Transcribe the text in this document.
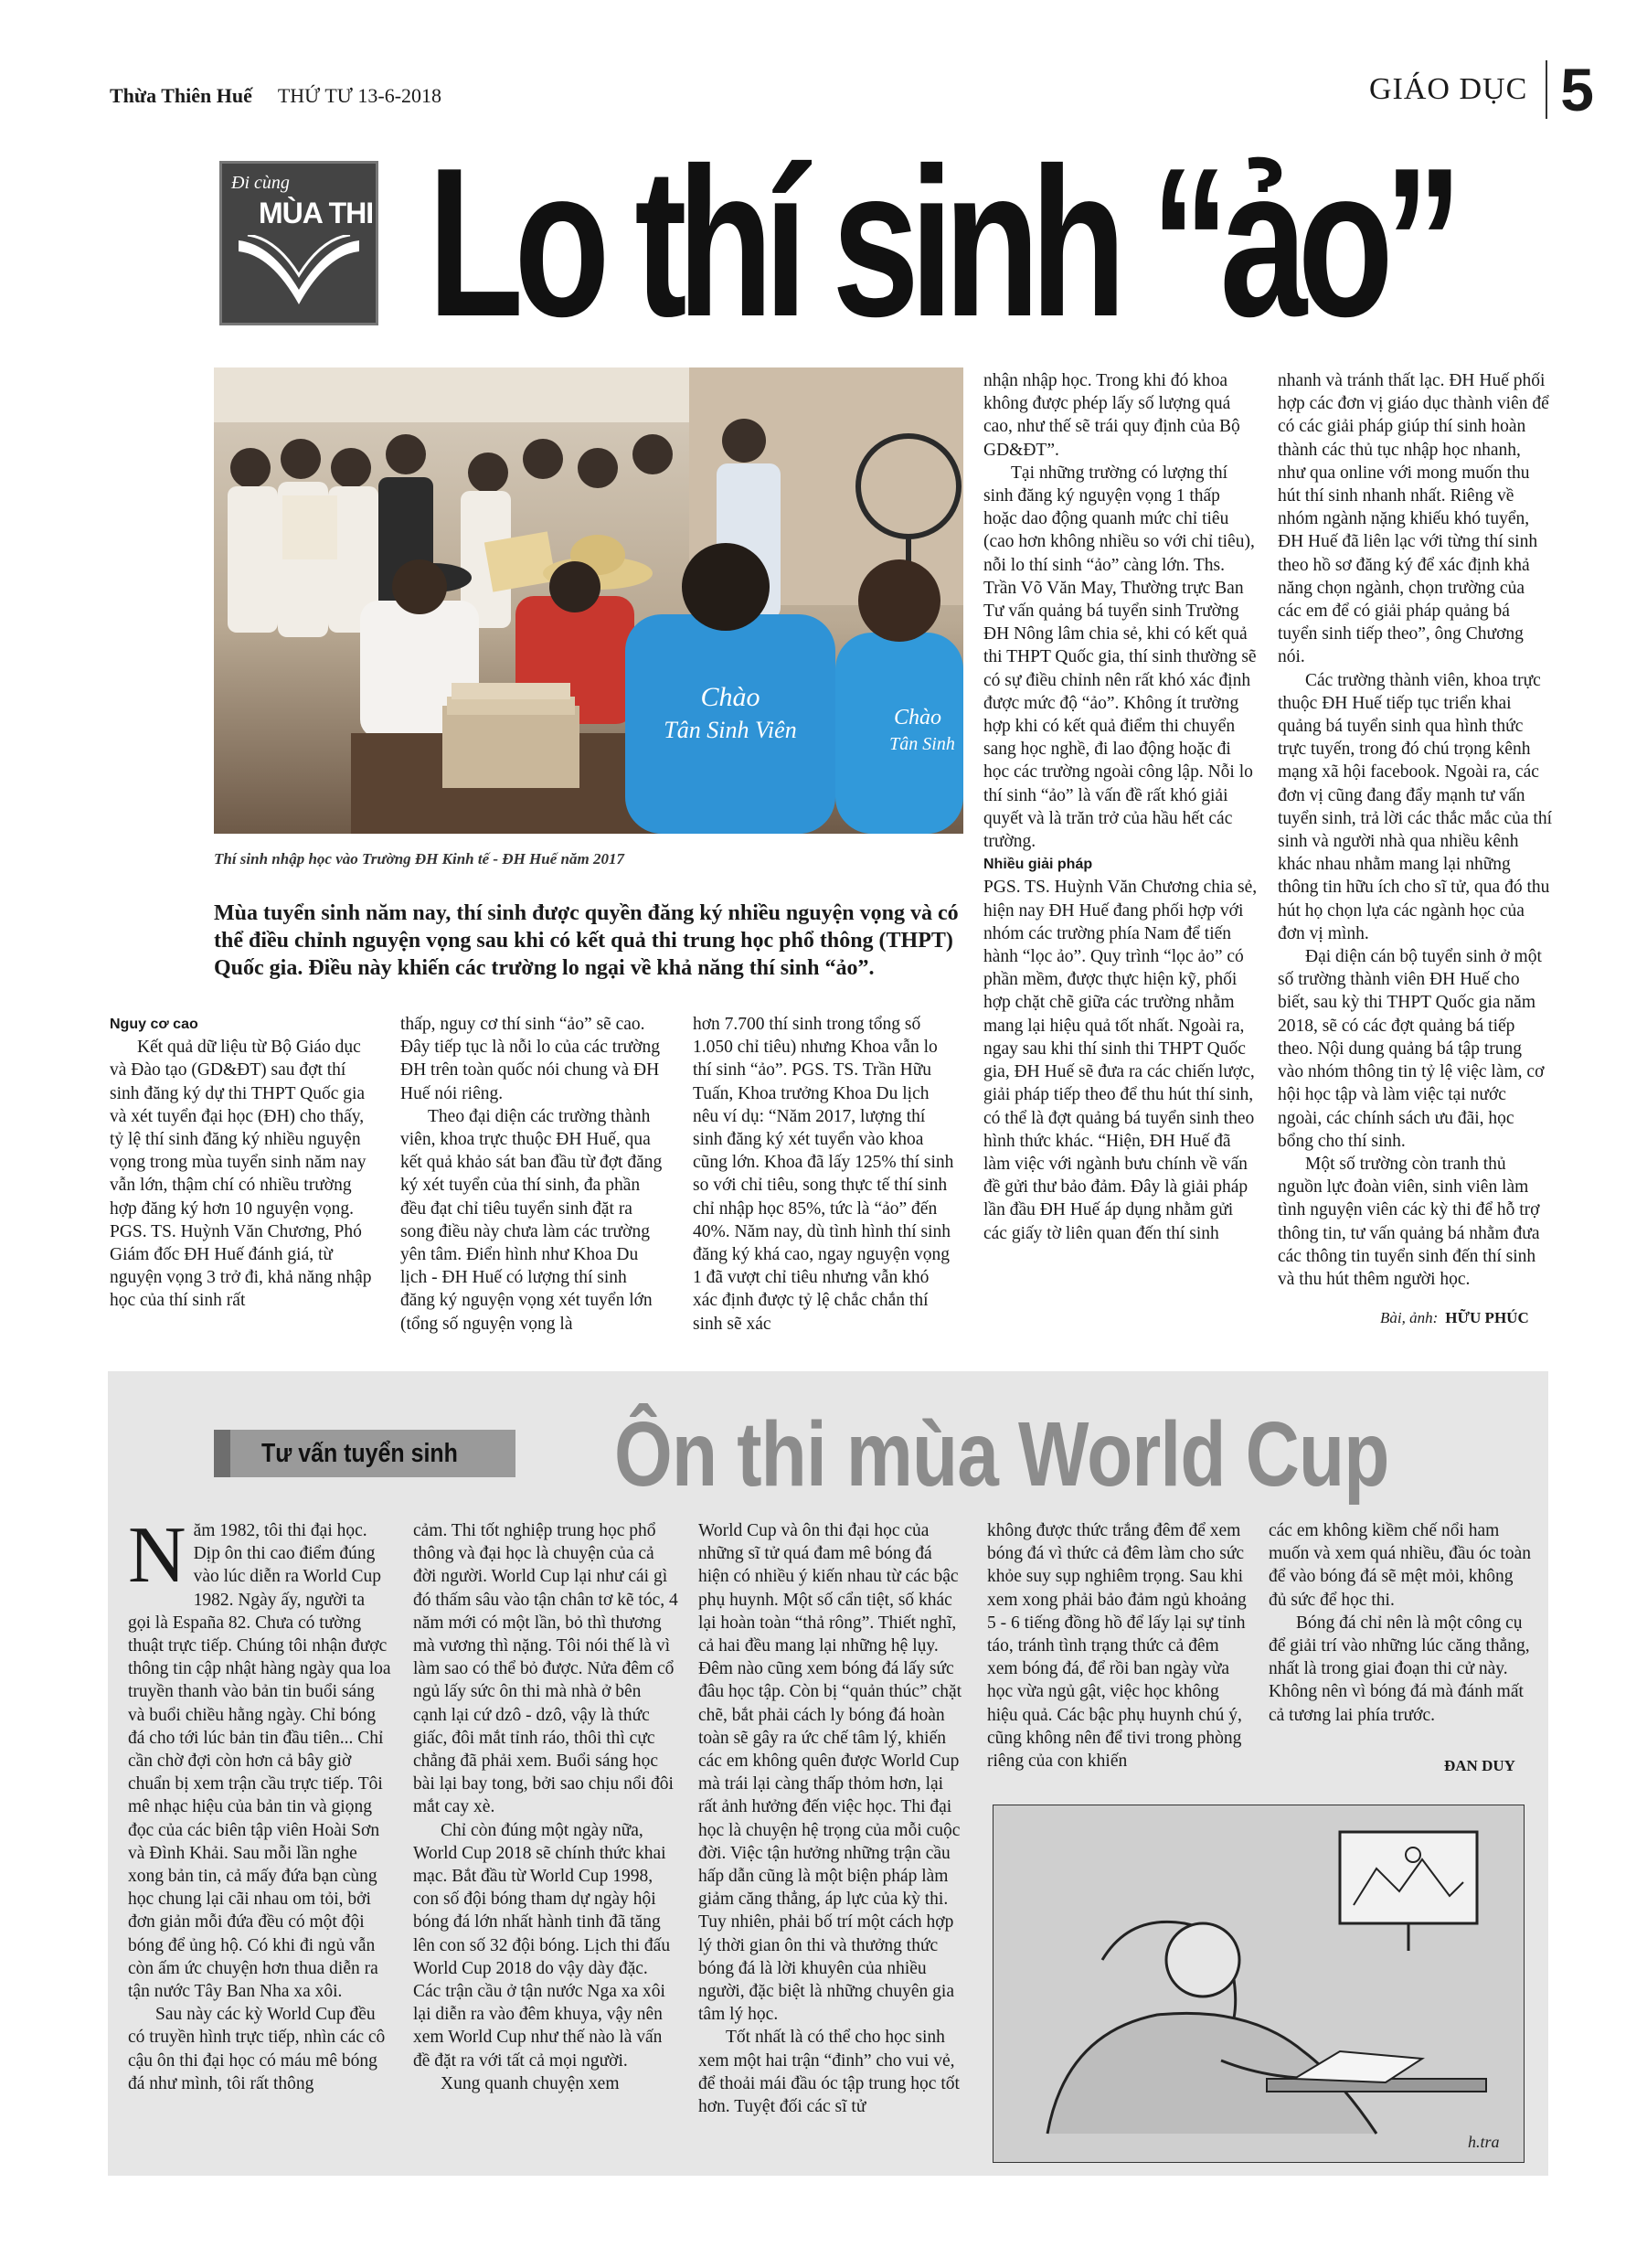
Thừa Thiên Huế THỨ TƯ 13-6-2018	GIÁO DỤC 5
Đi cùng
MÙA THI Lo thí sinh “ảo”
Chào
Tân Sinh Viên	Chào
Tân Sinh
Thí sinh nhập học vào Trường ĐH Kinh tế - ĐH Huế năm 2017
Mùa tuyển sinh năm nay, thí sinh được quyền đăng ký nhiều nguyện vọng và có thể điều chỉnh nguyện vọng sau khi có kết quả thi trung học phổ thông (THPT) Quốc gia. Điều này khiến các trường lo ngại về khả năng thí sinh “ảo”.

nhận nhập học. Trong khi đó khoa không được phép lấy số lượng quá cao, như thế sẽ trái quy định của Bộ GD&ĐT”.

Tại những trường có lượng thí sinh đăng ký nguyện vọng 1 thấp hoặc dao động quanh mức chỉ tiêu (cao hơn không nhiều so với chỉ tiêu), nỗi lo thí sinh “ảo” càng lớn. Ths. Trần Võ Văn May, Thường trực Ban Tư vấn quảng bá tuyển sinh Trường ĐH Nông lâm chia sẻ, khi có kết quả thi THPT Quốc gia, thí sinh thường sẽ có sự điều chỉnh nên rất khó xác định được mức độ “ảo”. Không ít trường hợp khi có kết quả điểm thi chuyển sang học nghề, đi lao động hoặc đi học các trường ngoài công lập. Nỗi lo thí sinh “ảo” là vấn đề rất khó giải quyết và là trăn trở của hầu hết các trường.

Nhiều giải pháp

PGS. TS. Huỳnh Văn Chương chia sẻ, hiện nay ĐH Huế đang phối hợp với nhóm các trường phía Nam để tiến hành “lọc ảo”. Quy trình “lọc ảo” có phần mềm, được thực hiện kỹ, phối hợp chặt chẽ giữa các trường nhằm mang lại hiệu quả tốt nhất. Ngoài ra, ngay sau khi thí sinh thi THPT Quốc gia, ĐH Huế sẽ đưa ra các chiến lược, giải pháp tiếp theo để thu hút thí sinh, có thể là đợt quảng bá tuyển sinh theo hình thức khác. “Hiện, ĐH Huế đã làm việc với ngành bưu chính về vấn đề gửi thư bảo đảm. Đây là giải pháp lần đầu ĐH Huế áp dụng nhằm gửi các giấy tờ liên quan đến thí sinh

nhanh và tránh thất lạc. ĐH Huế phối hợp các đơn vị giáo dục thành viên để có các giải pháp giúp thí sinh hoàn thành các thủ tục nhập học nhanh, như qua online với mong muốn thu hút thí sinh nhanh nhất. Riêng về nhóm ngành nặng khiếu khó tuyển, ĐH Huế đã liên lạc với từng thí sinh theo hồ sơ đăng ký để xác định khả năng chọn ngành, chọn trường của các em để có giải pháp quảng bá tuyển sinh tiếp theo”, ông Chương nói.

Các trường thành viên, khoa trực thuộc ĐH Huế tiếp tục triển khai quảng bá tuyển sinh qua hình thức trực tuyến, trong đó chú trọng kênh mạng xã hội facebook. Ngoài ra, các đơn vị cũng đang đẩy mạnh tư vấn tuyển sinh, trả lời các thắc mắc của thí sinh và người nhà qua nhiều kênh khác nhau nhằm mang lại những thông tin hữu ích cho sĩ tử, qua đó thu hút họ chọn lựa các ngành học của đơn vị mình.

Đại diện cán bộ tuyển sinh ở một số trường thành viên ĐH Huế cho biết, sau kỳ thi THPT Quốc gia năm 2018, sẽ có các đợt quảng bá tiếp theo. Nội dung quảng bá tập trung vào nhóm thông tin tỷ lệ việc làm, cơ hội học tập và làm việc tại nước ngoài, các chính sách ưu đãi, học bổng cho thí sinh.

Một số trường còn tranh thủ nguồn lực đoàn viên, sinh viên làm tình nguyện viên các kỳ thi để hỗ trợ thông tin, tư vấn quảng bá nhằm đưa các thông tin tuyển sinh đến thí sinh và thu hút thêm người học.

Nguy cơ cao

Kết quả dữ liệu từ Bộ Giáo dục và Đào tạo (GD&ĐT) sau đợt thí sinh đăng ký dự thi THPT Quốc gia và xét tuyển đại học (ĐH) cho thấy, tỷ lệ thí sinh đăng ký nhiều nguyện vọng trong mùa tuyển sinh năm nay vẫn lớn, thậm chí có nhiều trường hợp đăng ký hơn 10 nguyện vọng. PGS. TS. Huỳnh Văn Chương, Phó Giám đốc ĐH Huế đánh giá, từ nguyện vọng 3 trở đi, khả năng nhập học của thí sinh rất

thấp, nguy cơ thí sinh “ảo” sẽ cao. Đây tiếp tục là nỗi lo của các trường ĐH trên toàn quốc nói chung và ĐH Huế nói riêng.

Theo đại diện các trường thành viên, khoa trực thuộc ĐH Huế, qua kết quả khảo sát ban đầu từ đợt đăng ký xét tuyển của thí sinh, đa phần đều đạt chỉ tiêu tuyển sinh đặt ra song điều này chưa làm các trường yên tâm. Điển hình như Khoa Du lịch - ĐH Huế có lượng thí sinh đăng ký nguyện vọng xét tuyển lớn (tổng số nguyện vọng là

hơn 7.700 thí sinh trong tổng số 1.050 chỉ tiêu) nhưng Khoa vẫn lo thí sinh “ảo”. PGS. TS. Trần Hữu Tuấn, Khoa trưởng Khoa Du lịch nêu ví dụ: “Năm 2017, lượng thí sinh đăng ký xét tuyển vào khoa cũng lớn. Khoa đã lấy 125% thí sinh so với chỉ tiêu, song thực tế thí sinh chỉ nhập học 85%, tức là “ảo” đến 40%. Năm nay, dù tình hình thí sinh đăng ký khá cao, ngay nguyện vọng 1 đã vượt chỉ tiêu nhưng vẫn khó xác định được tỷ lệ chắc chắn thí sinh sẽ xác	Bài, ảnh: HỮU PHÚC
Tư vấn tuyển sinh Ôn thi mùa World Cup

Năm 1982, tôi thi đại học. Dịp ôn thi cao điểm đúng vào lúc diễn ra World Cup 1982. Ngày ấy, người ta gọi là España 82. Chưa có tường thuật trực tiếp. Chúng tôi nhận được thông tin cập nhật hàng ngày qua loa truyền thanh vào bản tin buổi sáng và buổi chiều hằng ngày. Chỉ bóng đá cho tới lúc bản tin đầu tiên... Chỉ cần chờ đợi còn hơn cả bây giờ chuẩn bị xem trận cầu trực tiếp. Tôi mê nhạc hiệu của bản tin và giọng đọc của các biên tập viên Hoài Sơn và Đình Khải. Sau mỗi lần nghe xong bản tin, cả mấy đứa bạn cùng học chung lại cãi nhau om tỏi, bởi đơn giản mỗi đứa đều có một đội bóng để ủng hộ. Có khi đi ngủ vẫn còn ấm ức chuyện hơn thua diễn ra tận nước Tây Ban Nha xa xôi.

Sau này các kỳ World Cup đều có truyền hình trực tiếp, nhìn các cô cậu ôn thi đại học có máu mê bóng đá như mình, tôi rất thông

cảm. Thi tốt nghiệp trung học phổ thông và đại học là chuyện của cả đời người. World Cup lại như cái gì đó thấm sâu vào tận chân tơ kẽ tóc, 4 năm mới có một lần, bỏ thì thương mà vương thì nặng. Tôi nói thế là vì làm sao có thể bỏ được. Nửa đêm cổ ngủ lấy sức ôn thi mà nhà ở bên cạnh lại cứ dzô - dzô, vậy là thức giấc, đôi mắt tỉnh ráo, thôi thì cực chẳng đã phải xem. Buổi sáng học bài lại bay tong, bởi sao chịu nổi đôi mắt cay xè.

Chỉ còn đúng một ngày nữa, World Cup 2018 sẽ chính thức khai mạc. Bắt đầu từ World Cup 1998, con số đội bóng tham dự ngày hội bóng đá lớn nhất hành tinh đã tăng lên con số 32 đội bóng. Lịch thi đấu World Cup 2018 do vậy dày đặc. Các trận cầu ở tận nước Nga xa xôi lại diễn ra vào đêm khuya, vậy nên xem World Cup như thế nào là vấn đề đặt ra với tất cả mọi người.

Xung quanh chuyện xem

World Cup và ôn thi đại học của những sĩ tử quá đam mê bóng đá hiện có nhiều ý kiến nhau từ các bậc phụ huynh. Một số cẩn tiệt, số khác lại hoàn toàn “thả rông”. Thiết nghĩ, cả hai đều mang lại những hệ lụy. Đêm nào cũng xem bóng đá lấy sức đâu học tập. Còn bị “quản thúc” chặt chẽ, bắt phải cách ly bóng đá hoàn toàn sẽ gây ra ức chế tâm lý, khiến các em không quên được World Cup mà trái lại càng thấp thỏm hơn, lại rất ảnh hưởng đến việc học. Thi đại học là chuyện hệ trọng của mỗi cuộc đời. Việc tận hưởng những trận cầu hấp dẫn cũng là một biện pháp làm giảm căng thẳng, áp lực của kỳ thi. Tuy nhiên, phải bố trí một cách hợp lý thời gian ôn thi và thưởng thức bóng đá là lời khuyên của nhiều người, đặc biệt là những chuyên gia tâm lý học.

Tốt nhất là có thể cho học sinh xem một hai trận “đinh” cho vui vẻ, để thoải mái đầu óc tập trung học tốt hơn. Tuyệt đối các sĩ tử

không được thức trắng đêm để xem bóng đá vì thức cả đêm làm cho sức khỏe suy sụp nghiêm trọng. Sau khi xem xong phải bảo đảm ngủ khoảng 5 - 6 tiếng đồng hồ để lấy lại sự tỉnh táo, tránh tình trạng thức cả đêm xem bóng đá, để rồi ban ngày vừa học vừa ngủ gật, việc học không hiệu quả. Các bậc phụ huynh chú ý, cũng không nên để tivi trong phòng riêng của con khiến

các em không kiềm chế nổi ham muốn và xem quá nhiều, đầu óc toàn để vào bóng đá sẽ mệt mỏi, không đủ sức để học thi.

Bóng đá chỉ nên là một công cụ để giải trí vào những lúc căng thẳng, nhất là trong giai đoạn thi cử này. Không nên vì bóng đá mà đánh mất cả tương lai phía trước.

ĐAN DUY
h.tra
